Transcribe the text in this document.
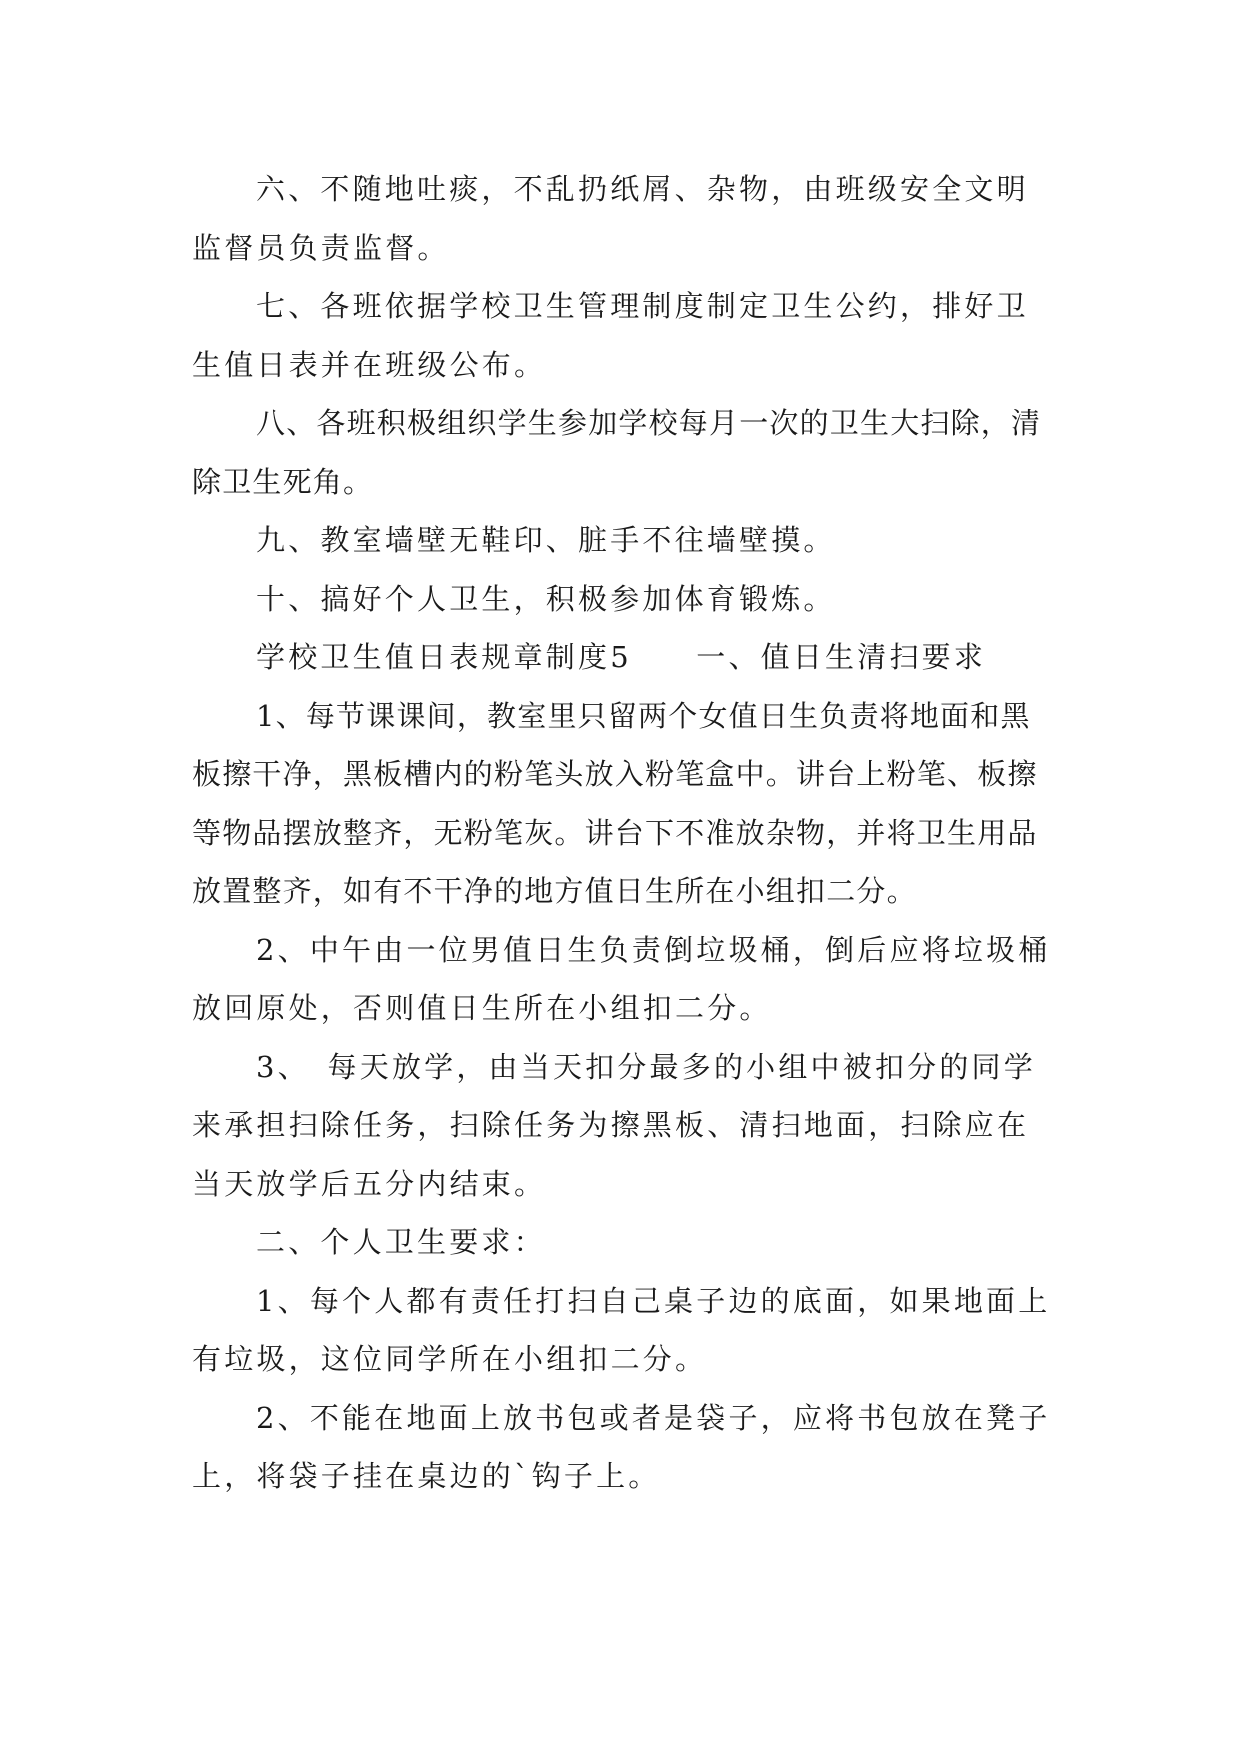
六、不随地吐痰，不乱扔纸屑、杂物，由班级安全文明监督员负责监督。

七、各班依据学校卫生管理制度制定卫生公约，排好卫生值日表并在班级公布。

八、各班积极组织学生参加学校每月一次的卫生大扫除，清除卫生死角。

九、教室墙壁无鞋印、脏手不往墙壁摸。

十、搞好个人卫生，积极参加体育锻炼。

学校卫生值日表规章制度5　　一、值日生清扫要求

1、每节课课间，教室里只留两个女值日生负责将地面和黑板擦干净，黑板槽内的粉笔头放入粉笔盒中。讲台上粉笔、板擦等物品摆放整齐，无粉笔灰。讲台下不准放杂物，并将卫生用品放置整齐，如有不干净的地方值日生所在小组扣二分。

2、中午由一位男值日生负责倒垃圾桶，倒后应将垃圾桶放回原处，否则值日生所在小组扣二分。

3、　每天放学，由当天扣分最多的小组中被扣分的同学来承担扫除任务，扫除任务为擦黑板、清扫地面，扫除应在当天放学后五分内结束。

二、个人卫生要求：

1、每个人都有责任打扫自己桌子边的底面，如果地面上有垃圾，这位同学所在小组扣二分。

2、不能在地面上放书包或者是袋子，应将书包放在凳子上，将袋子挂在桌边的`钩子上。
